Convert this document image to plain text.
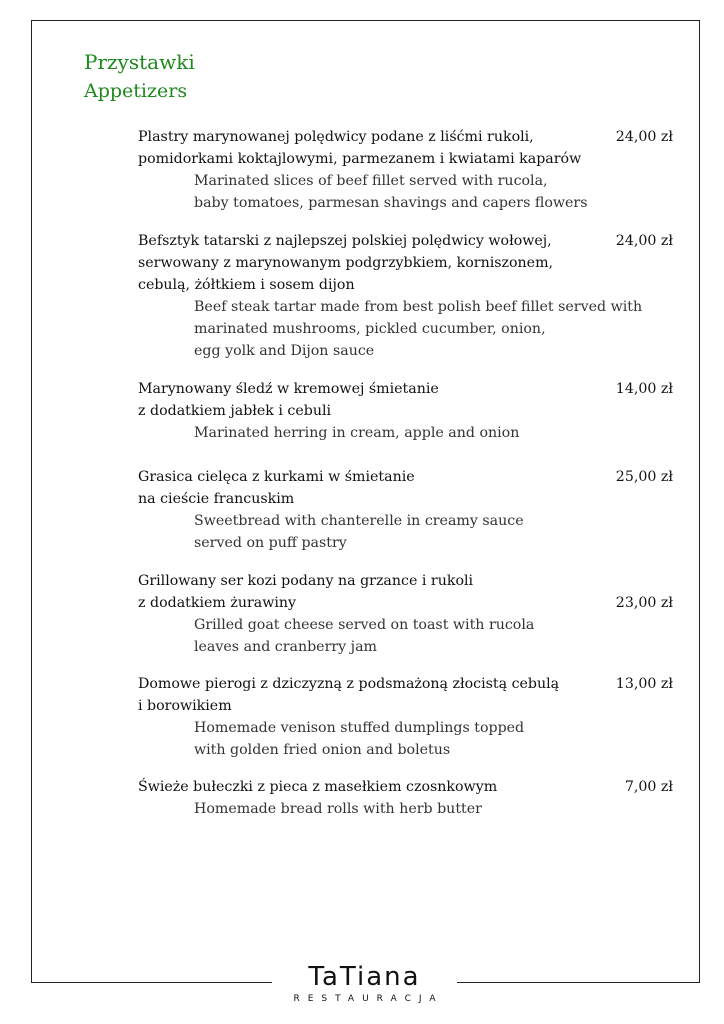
Przystawki
Appetizers
Plastry marynowanej polędwicy podane z liśćmi rukoli,
pomidorkami koktajlowymi, parmezanem i kwiatami kaparów
Marinated slices of beef fillet served with rucola,
baby tomatoes, parmesan shavings and capers flowers
24,00 zł
Befsztyk tatarski z najlepszej polskiej polędwicy wołowej,
serwowany z marynowanym podgrzybkiem, korniszonem,
cebulą, żółtkiem i sosem dijon
Beef steak tartar made from best polish beef fillet served with
marinated mushrooms, pickled cucumber, onion,
egg yolk and Dijon sauce
24,00 zł
Marynowany śledź w kremowej śmietanie
z dodatkiem jabłek i cebuli
Marinated herring in cream, apple and onion
14,00 zł
Grasica cielęca z kurkami w śmietanie
na cieście francuskim
Sweetbread with chanterelle in creamy sauce
served on puff pastry
25,00 zł
Grillowany ser kozi podany na grzance i rukoli
z dodatkiem żurawiny
Grilled goat cheese served on toast with rucola
leaves and cranberry jam
23,00 zł
Domowe pierogi z dziczyzną z podsmażoną złocistą cebulą
i borowikiem
Homemade venison stuffed dumplings topped
with golden fried onion and boletus
13,00 zł
Świeże bułeczki z pieca z masełkiem czosnkowym
Homemade bread rolls with herb butter
7,00 zł
TaTiana
RESTAURACJA
